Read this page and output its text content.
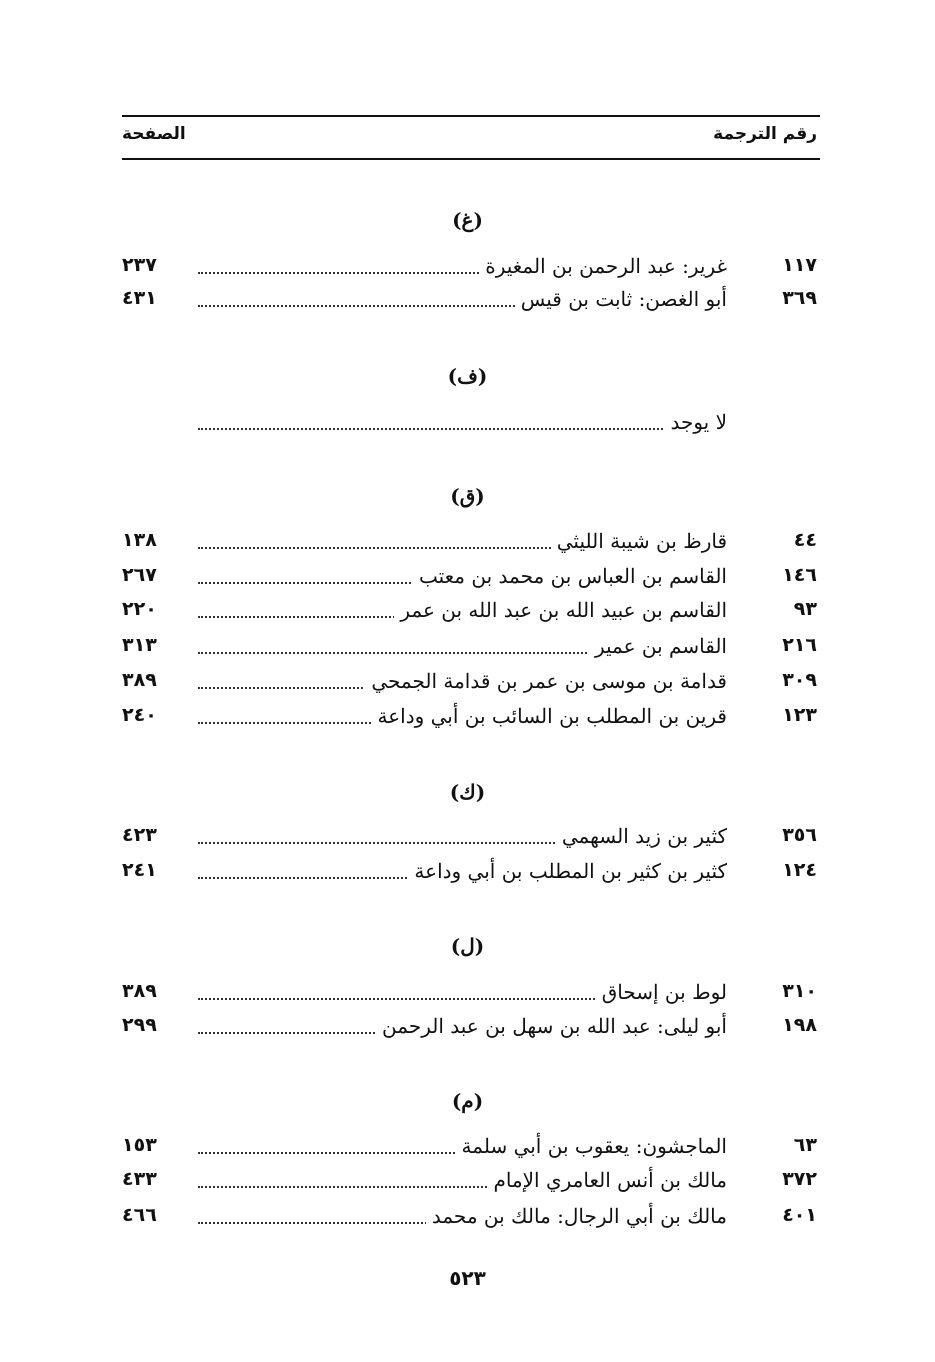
رقم الترجمة
الصفحة
(غ)
١١٧
غرير: عبد الرحمن بن المغيرة
٢٣٧
٣٦٩
أبو الغصن: ثابت بن قيس
٤٣١
(ف)
لا يوجد
(ق)
٤٤
قارظ بن شيبة الليثي
١٣٨
١٤٦
القاسم بن العباس بن محمد بن معتب
٢٦٧
٩٣
القاسم بن عبيد الله بن عبد الله بن عمر
٢٢٠
٢١٦
القاسم بن عمير
٣١٣
٣٠٩
قدامة بن موسى بن عمر بن قدامة الجمحي
٣٨٩
١٢٣
قرين بن المطلب بن السائب بن أبي وداعة
٢٤٠
(ك)
٣٥٦
كثير بن زيد السهمي
٤٢٣
١٢٤
كثير بن كثير بن المطلب بن أبي وداعة
٢٤١
(ل)
٣١٠
لوط بن إسحاق
٣٨٩
١٩٨
أبو ليلى: عبد الله بن سهل بن عبد الرحمن
٢٩٩
(م)
٦٣
الماجشون: يعقوب بن أبي سلمة
١٥٣
٣٧٢
مالك بن أنس العامري الإمام
٤٣٣
٤٠١
مالك بن أبي الرجال: مالك بن محمد
٤٦٦
٥٢٣
